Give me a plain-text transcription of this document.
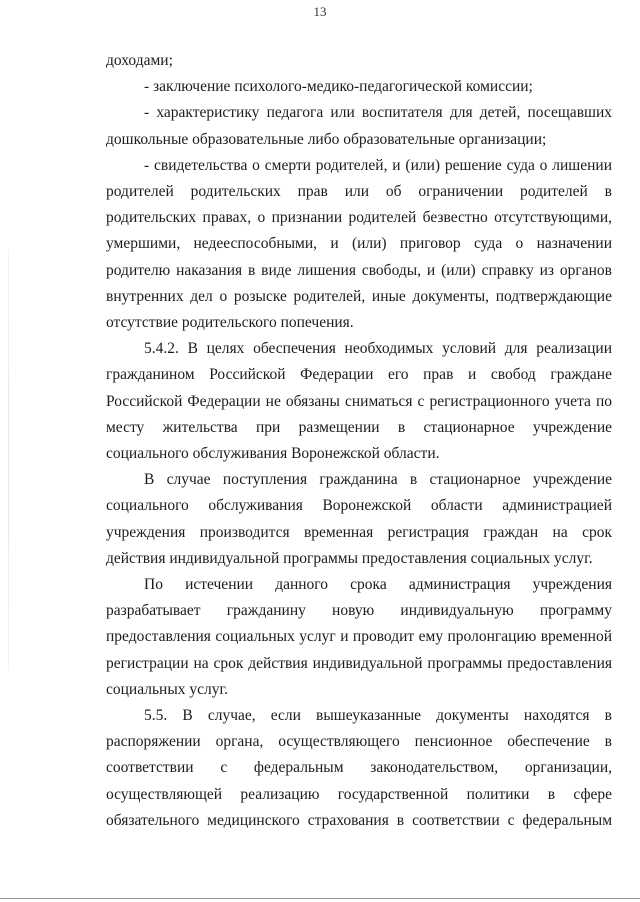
13

доходами;

- заключение психолого-медико-педагогической комиссии;

- характеристику педагога или воспитателя для детей, посещавших дошкольные образовательные либо образовательные организации;

- свидетельства о смерти родителей, и (или) решение суда о лишении родителей родительских прав или об ограничении родителей в родительских правах, о признании родителей безвестно отсутствующими, умершими, недееспособными, и (или) приговор суда о назначении родителю наказания в виде лишения свободы, и (или) справку из органов внутренних дел о розыске родителей, иные документы, подтверждающие отсутствие родительского попечения.

5.4.2. В целях обеспечения необходимых условий для реализации гражданином Российской Федерации его прав и свобод граждане Российской Федерации не обязаны сниматься с регистрационного учета по месту жительства при размещении в стационарное учреждение социального обслуживания Воронежской области.

В случае поступления гражданина в стационарное учреждение социального обслуживания Воронежской области администрацией учреждения производится временная регистрация граждан на срок действия индивидуальной программы предоставления социальных услуг.

По истечении данного срока администрация учреждения разрабатывает гражданину новую индивидуальную программу предоставления социальных услуг и проводит ему пролонгацию временной регистрации на срок действия индивидуальной программы предоставления социальных услуг.

5.5. В случае, если вышеуказанные документы находятся в распоряжении органа, осуществляющего пенсионное обеспечение в соответствии с федеральным законодательством, организации, осуществляющей реализацию государственной политики в сфере обязательного медицинского страхования в соответствии с федеральным
